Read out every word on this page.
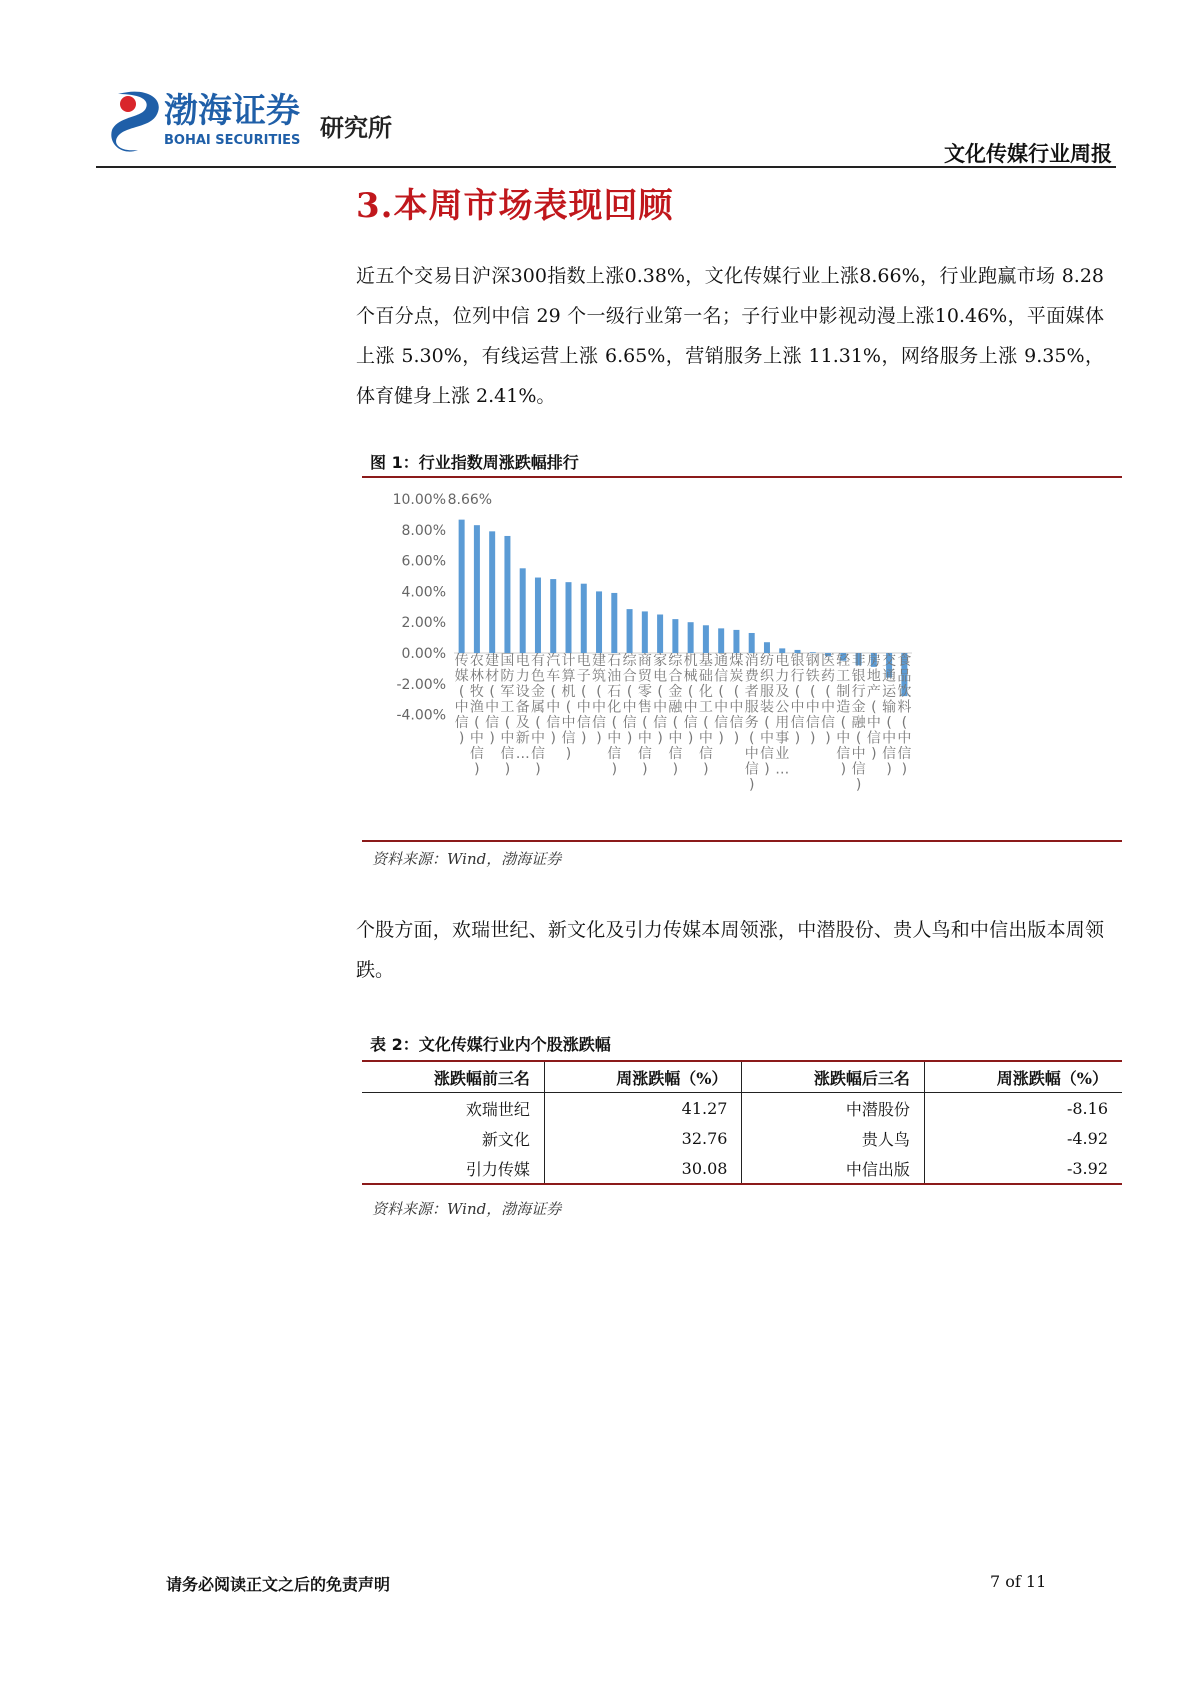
渤海证券
BOHAI SECURITIES 研究所
文化传媒行业周报
3.本周市场表现回顾
近五个交易日沪深300指数上涨0.38%，文化传媒行业上涨8.66%，行业跑赢市场 8.28 个百分点，位列中信 29 个一级行业第一名；子行业中影视动漫上涨10.46%，平面媒体上涨 5.30%，有线运营上涨 6.65%，营销服务上涨 11.31%，网络服务上涨 9.35%，体育健身上涨 2.41%。
图 1：行业指数周涨跌幅排行
10.00%
8.00%
6.00%
4.00%
2.00%
0.00%
-2.00%
-4.00%
8.66%
传媒(中信)
农林牧渔(中信)
建材(中信)
国防军工(中信)
电力设备及新…
有色金属(中信)
汽车(中信)
计算机(中信)
电子(中信)
建筑(中信)
石油石化(中信)
综合(中信)
商贸零售(中信)
家电(中信)
综合金融(中信)
机械(中信)
基础化工(中信)
通信(中信)
煤炭(中信)
消费者服务(中信)
纺织服装(中信)
电力及公用事业…
银行(中信)
钢铁(中信)
医药(中信)
轻工制造(中信)
非银行金融(中信)
房地产(中信)
交通运输(中信)
食品饮料(中信)
资料来源：Wind，渤海证券
个股方面，欢瑞世纪、新文化及引力传媒本周领涨，中潜股份、贵人鸟和中信出版本周领跌。
表 2：文化传媒行业内个股涨跌幅
涨跌幅前三名	周涨跌幅（%）	涨跌幅后三名	周涨跌幅（%）
欢瑞世纪	41.27	中潜股份	-8.16
新文化	32.76	贵人鸟	-4.92
引力传媒	30.08	中信出版	-3.92
资料来源：Wind，渤海证券
请务必阅读正文之后的免责声明	7 of 11
